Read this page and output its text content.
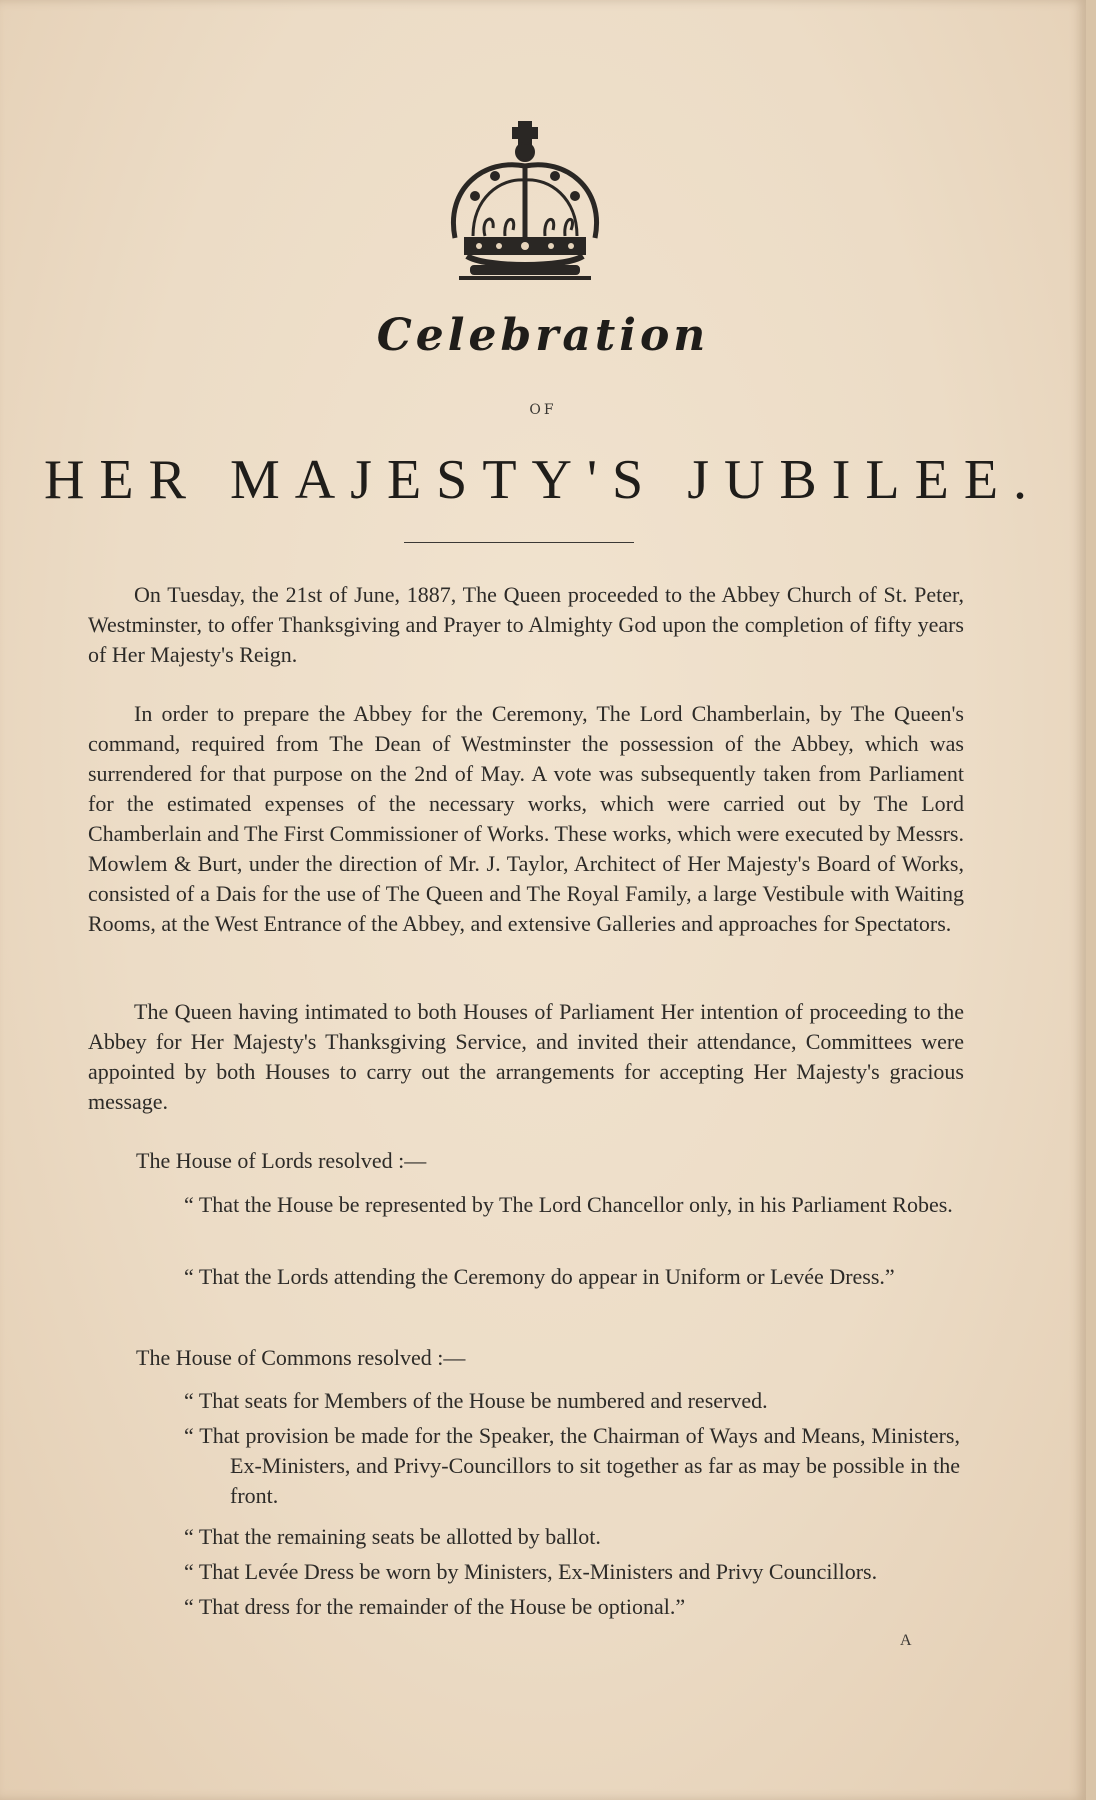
Celebration
OF
HER MAJESTY'S JUBILEE.

On Tuesday, the 21st of June, 1887, The Queen proceeded to the Abbey Church of St. Peter, Westminster, to offer Thanksgiving and Prayer to Almighty God upon the completion of fifty years of Her Majesty's Reign.

In order to prepare the Abbey for the Ceremony, The Lord Chamberlain, by The Queen's command, required from The Dean of Westminster the possession of the Abbey, which was surrendered for that purpose on the 2nd of May. A vote was subsequently taken from Parliament for the estimated expenses of the necessary works, which were carried out by The Lord Chamberlain and The First Commissioner of Works. These works, which were executed by Messrs. Mowlem & Burt, under the direction of Mr. J. Taylor, Architect of Her Majesty's Board of Works, consisted of a Dais for the use of The Queen and The Royal Family, a large Vestibule with Waiting Rooms, at the West Entrance of the Abbey, and extensive Galleries and approaches for Spectators.

The Queen having intimated to both Houses of Parliament Her intention of proceeding to the Abbey for Her Majesty's Thanksgiving Service, and invited their attendance, Committees were appointed by both Houses to carry out the arrangements for accepting Her Majesty's gracious message.

The House of Lords resolved :—
“ That the House be represented by The Lord Chancellor only, in his Parliament Robes.
“ That the Lords attending the Ceremony do appear in Uniform or Levée Dress.”
The House of Commons resolved :—
“ That seats for Members of the House be numbered and reserved.
“ That provision be made for the Speaker, the Chairman of Ways and Means, Ministers, Ex-Ministers, and Privy-Councillors to sit together as far as may be possible in the front.
“ That the remaining seats be allotted by ballot.
“ That Levée Dress be worn by Ministers, Ex-Ministers and Privy Councillors.
“ That dress for the remainder of the House be optional.”
A
